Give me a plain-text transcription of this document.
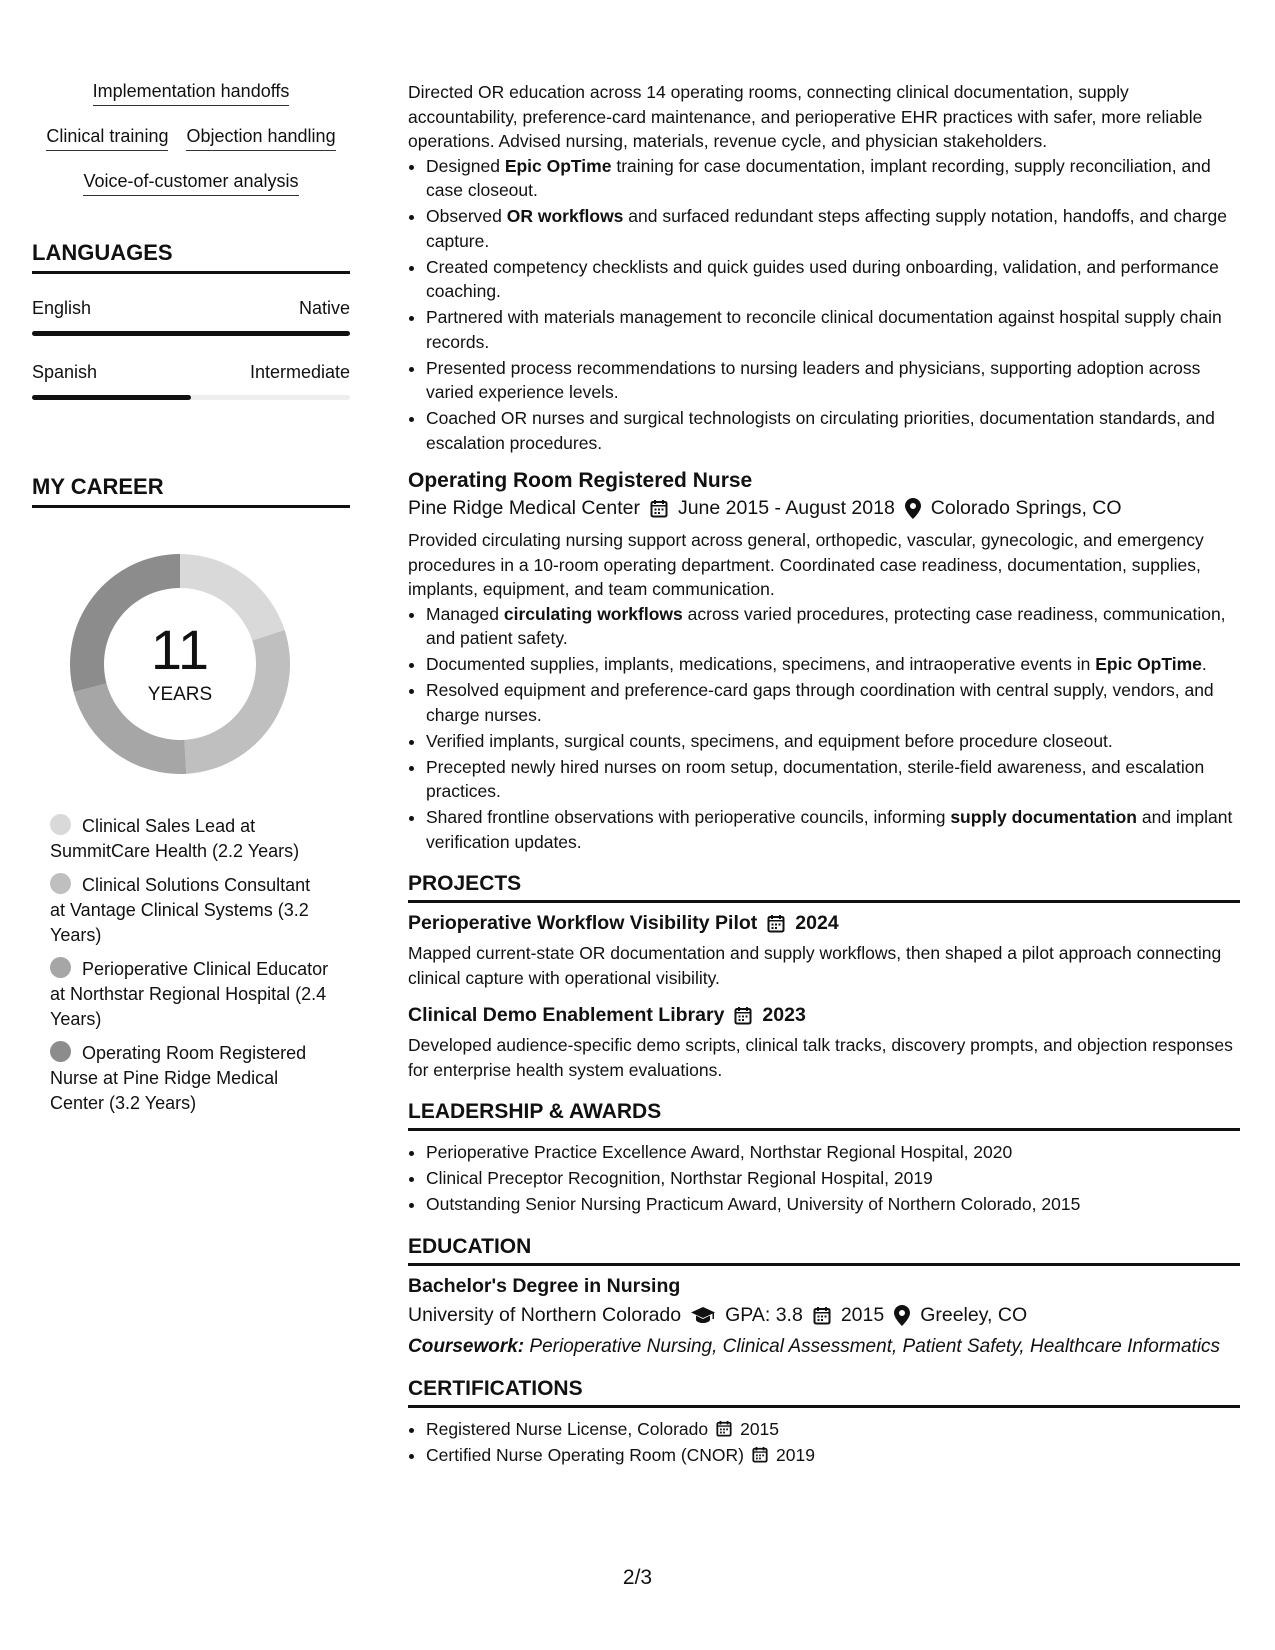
Implementation handoffs
Clinical training Objection handling
Voice-of-customer analysis
LANGUAGES
English	Native
Spanish	Intermediate
MY CAREER
11
YEARS
Clinical Sales Lead at SummitCare Health (2.2 Years)
Clinical Solutions Consultant at Vantage Clinical Systems (3.2 Years)
Perioperative Clinical Educator at Northstar Regional Hospital (2.4 Years)
Operating Room Registered Nurse at Pine Ridge Medical Center (3.2 Years)

Directed OR education across 14 operating rooms, connecting clinical documentation, supply accountability, preference-card maintenance, and perioperative EHR practices with safer, more reliable operations. Advised nursing, materials, revenue cycle, and physician stakeholders.

• Designed Epic OpTime training for case documentation, implant recording, supply reconciliation, and case closeout.
• Observed OR workflows and surfaced redundant steps affecting supply notation, handoffs, and charge capture.
• Created competency checklists and quick guides used during onboarding, validation, and performance coaching.
• Partnered with materials management to reconcile clinical documentation against hospital supply chain records.
• Presented process recommendations to nursing leaders and physicians, supporting adoption across varied experience levels.
• Coached OR nurses and surgical technologists on circulating priorities, documentation standards, and escalation procedures.
Operating Room Registered Nurse
Pine Ridge Medical Center June 2015 - August 2018 Colorado Springs, CO

Provided circulating nursing support across general, orthopedic, vascular, gynecologic, and emergency procedures in a 10-room operating department. Coordinated case readiness, documentation, supplies, implants, equipment, and team communication.

• Managed circulating workflows across varied procedures, protecting case readiness, communication, and patient safety.
• Documented supplies, implants, medications, specimens, and intraoperative events in Epic OpTime.
• Resolved equipment and preference-card gaps through coordination with central supply, vendors, and charge nurses.
• Verified implants, surgical counts, specimens, and equipment before procedure closeout.
• Precepted newly hired nurses on room setup, documentation, sterile-field awareness, and escalation practices.
• Shared frontline observations with perioperative councils, informing supply documentation and implant verification updates.
PROJECTS
Perioperative Workflow Visibility Pilot 2024

Mapped current-state OR documentation and supply workflows, then shaped a pilot approach connecting clinical capture with operational visibility.

Clinical Demo Enablement Library 2023

Developed audience-specific demo scripts, clinical talk tracks, discovery prompts, and objection responses for enterprise health system evaluations.

LEADERSHIP & AWARDS
• Perioperative Practice Excellence Award, Northstar Regional Hospital, 2020
• Clinical Preceptor Recognition, Northstar Regional Hospital, 2019
• Outstanding Senior Nursing Practicum Award, University of Northern Colorado, 2015
EDUCATION
Bachelor's Degree in Nursing
University of Northern Colorado GPA: 3.8 2015 Greeley, CO

Coursework: Perioperative Nursing, Clinical Assessment, Patient Safety, Healthcare Informatics

CERTIFICATIONS
• Registered Nurse License, Colorado 2015
• Certified Nurse Operating Room (CNOR) 2019
2/3
